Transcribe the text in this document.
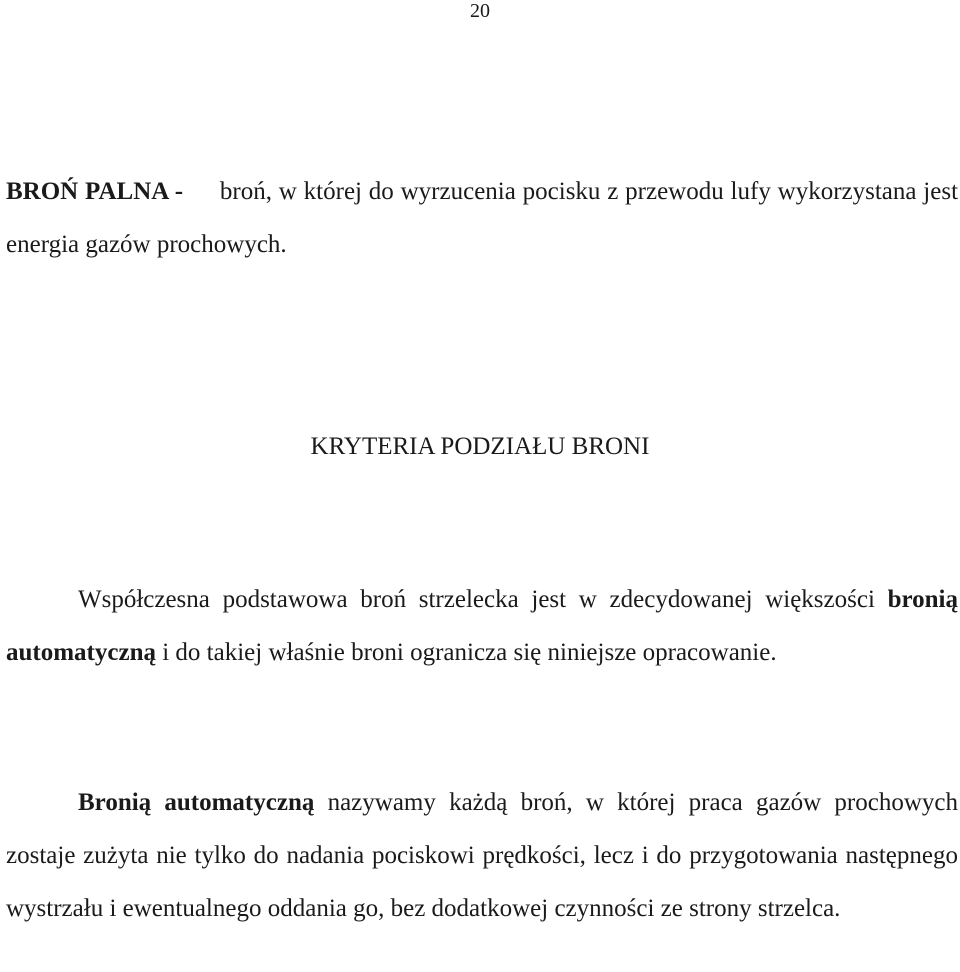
20

BROŃ PALNA - broń, w której do wyrzucenia pocisku z przewodu lufy wykorzystana jest energia gazów prochowych.

KRYTERIA PODZIAŁU BRONI

Współczesna podstawowa broń strzelecka jest w zdecydowanej większości bronią automatyczną i do takiej właśnie broni ogranicza się niniejsze opracowanie.

Bronią automatyczną nazywamy każdą broń, w której praca gazów prochowych zostaje zużyta nie tylko do nadania pociskowi prędkości, lecz i do przygotowania następnego wystrzału i ewentualnego oddania go, bez dodatkowej czynności ze strony strzelca.
